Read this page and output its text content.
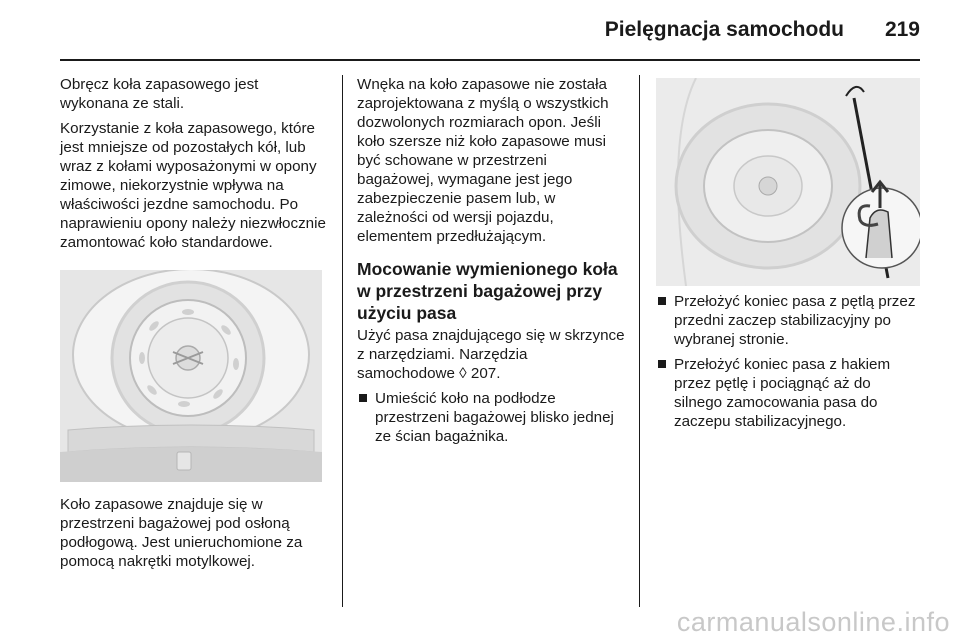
Pielęgnacja samochodu 219

Obręcz koła zapasowego jest wykonana ze stali.

Korzystanie z koła zapasowego, które jest mniejsze od pozostałych kół, lub wraz z kołami wyposażonymi w opony zimowe, niekorzystnie wpływa na właściwości jezdne samochodu. Po naprawieniu opony należy niezwłocznie zamontować koło standardowe.

Koło zapasowe znajduje się w przestrzeni bagażowej pod osłoną podłogową. Jest unieruchomione za pomocą nakrętki motylkowej.

Wnęka na koło zapasowe nie została zaprojektowana z myślą o wszystkich dozwolonych rozmiarach opon. Jeśli koło szersze niż koło zapasowe musi być schowane w przestrzeni bagażowej, wymagane jest jego zabezpieczenie pasem lub, w zależności od wersji pojazdu, elementem przedłużającym.

Mocowanie wymienionego koła w przestrzeni bagażowej przy użyciu pasa

Użyć pasa znajdującego się w skrzynce z narzędziami. Narzędzia samochodowe ◊ 207.

Umieścić koło na podłodze przestrzeni bagażowej blisko jednej ze ścian bagażnika.
Przełożyć koniec pasa z pętlą przez przedni zaczep stabilizacyjny po wybranej stronie.
Przełożyć koniec pasa z hakiem przez pętlę i pociągnąć aż do silnego zamocowania pasa do zaczepu stabilizacyjnego.
carmanualsonline.info
